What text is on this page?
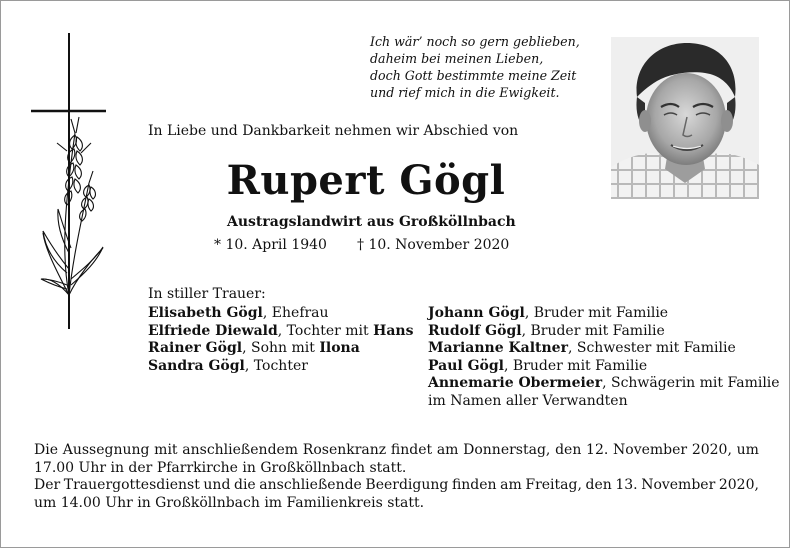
Ich wär’ noch so gern geblieben,
daheim bei meinen Lieben,
doch Gott bestimmte meine Zeit
und rief mich in die Ewigkeit.
In Liebe und Dankbarkeit nehmen wir Abschied von
Rupert Gögl
Austragslandwirt aus Großköllnbach
* 10. April 1940 † 10. November 2020
In stiller Trauer:
Elisabeth Gögl, Ehefrau
Elfriede Diewald, Tochter mit Hans
Rainer Gögl, Sohn mit Ilona
Sandra Gögl, Tochter
Johann Gögl, Bruder mit Familie
Rudolf Gögl, Bruder mit Familie
Marianne Kaltner, Schwester mit Familie
Paul Gögl, Bruder mit Familie
Annemarie Obermeier, Schwägerin mit Familie
im Namen aller Verwandten
Die Aussegnung mit anschließendem Rosenkranz findet am Donnerstag, den 12. November 2020, um
17.00 Uhr in der Pfarrkirche in Großköllnbach statt.
Der Trauergottesdienst und die anschließende Beerdigung finden am Freitag, den 13. November 2020,
um 14.00 Uhr in Großköllnbach im Familienkreis statt.
